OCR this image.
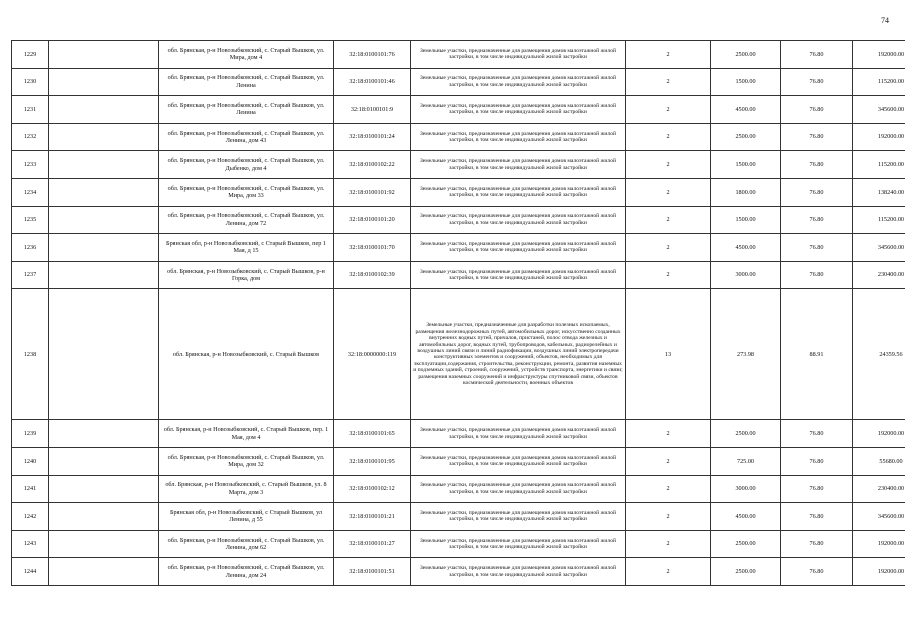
74
1229		обл. Брянская, р-н Новозыбковский, с. Старый Вышков, ул. Мира, дом 4	32:18:0100101:76	Земельные участки, предназначенные для размещения домов малоэтажной жилой застройки, в том числе индивидуальной жилой застройки	2	2500.00	76.80	192000.00
1230		обл. Брянская, р-н Новозыбковский, с. Старый Вышков, ул. Ленина	32:18:0100101:46	Земельные участки, предназначенные для размещения домов малоэтажной жилой застройки, в том числе индивидуальной жилой застройки	2	1500.00	76.80	115200.00
1231		обл. Брянская, р-н Новозыбковский, с. Старый Вышков, ул. Ленина	32:18:0100101:9	Земельные участки, предназначенные для размещения домов малоэтажной жилой застройки, в том числе индивидуальной жилой застройки	2	4500.00	76.80	345600.00
1232		обл. Брянская, р-н Новозыбковский, с. Старый Вышков, ул. Ленина, дом 43	32:18:0100101:24	Земельные участки, предназначенные для размещения домов малоэтажной жилой застройки, в том числе индивидуальной жилой застройки	2	2500.00	76.80	192000.00
1233		обл. Брянская, р-н Новозыбковский, с. Старый Вышков, ул. Дыбенко, дом 4	32:18:0100102:22	Земельные участки, предназначенные для размещения домов малоэтажной жилой застройки, в том числе индивидуальной жилой застройки	2	1500.00	76.80	115200.00
1234		обл. Брянская, р-н Новозыбковский, с. Старый Вышков, ул. Мира, дом 33	32:18:0100101:92	Земельные участки, предназначенные для размещения домов малоэтажной жилой застройки, в том числе индивидуальной жилой застройки	2	1800.00	76.80	138240.00
1235		обл. Брянская, р-н Новозыбковский, с. Старый Вышков, ул. Ленина, дом 72	32:18:0100101:20	Земельные участки, предназначенные для размещения домов малоэтажной жилой застройки, в том числе индивидуальной жилой застройки	2	1500.00	76.80	115200.00
1236		Брянская обл, р-н Новозыбковский, с Старый Вышков, пер 1 Мая, д 15	32:18:0100101:70	Земельные участки, предназначенные для размещения домов малоэтажной жилой застройки, в том числе индивидуальной жилой застройки	2	4500.00	76.80	345600.00
1237		обл. Брянская, р-н Новозыбковский, с. Старый Вышков, р-н Горка, дом	32:18:0100102:39	Земельные участки, предназначенные для размещения домов малоэтажной жилой застройки, в том числе индивидуальной жилой застройки	2	3000.00	76.80	230400.00
1238		обл. Брянская, р-н Новозыбковский, с. Старый Вышков	32:18:0000000:119	Земельные участки, предназначенные для разработки полезных ископаемых, размещения железнодорожных путей, автомобильных дорог, искусственно созданных внутренних водных путей, причалов, пристаней, полос отвода железных и автомобильных дорог, водных путей, трубопроводов, кабельных, радиорелейных и воздушных линий связи и линий радиофикации, воздушных линий электропередачи конструктивных элементов и сооружений, объектов, необходимых для эксплуатации,содержания, строительства, реконструкции, ремонта, развития наземных и подземных зданий, строений, сооружений, устройств транспорта, энергетики и связи; размещения наземных сооружений и инфраструктуры спутниковой связи, объектов космической деятельности, военных объектов	13	273.98	88.91	24359.56
1239		обл. Брянская, р-н Новозыбковский, с. Старый Вышков, пер. 1 Мая, дом 4	32:18:0100101:65	Земельные участки, предназначенные для размещения домов малоэтажной жилой застройки, в том числе индивидуальной жилой застройки	2	2500.00	76.80	192000.00
1240		обл. Брянская, р-н Новозыбковский, с. Старый Вышков, ул. Мира, дом 32	32:18:0100101:95	Земельные участки, предназначенные для размещения домов малоэтажной жилой застройки, в том числе индивидуальной жилой застройки	2	725.00	76.80	55680.00
1241		обл. Брянская, р-н Новозыбковский, с. Старый Вышков, ул. 8 Марта, дом 3	32:18:0100102:12	Земельные участки, предназначенные для размещения домов малоэтажной жилой застройки, в том числе индивидуальной жилой застройки	2	3000.00	76.80	230400.00
1242		Брянская обл, р-н Новозыбковский, с Старый Вышков, ул Ленина, д 55	32:18:0100101:21	Земельные участки, предназначенные для размещения домов малоэтажной жилой застройки, в том числе индивидуальной жилой застройки	2	4500.00	76.80	345600.00
1243		обл. Брянская, р-н Новозыбковский, с. Старый Вышков, ул. Ленина, дом 62	32:18:0100101:27	Земельные участки, предназначенные для размещения домов малоэтажной жилой застройки, в том числе индивидуальной жилой застройки	2	2500.00	76.80	192000.00
1244		обл. Брянская, р-н Новозыбковский, с. Старый Вышков, ул. Ленина, дом 24	32:18:0100101:51	Земельные участки, предназначенные для размещения домов малоэтажной жилой застройки, в том числе индивидуальной жилой застройки	2	2500.00	76.80	192000.00
